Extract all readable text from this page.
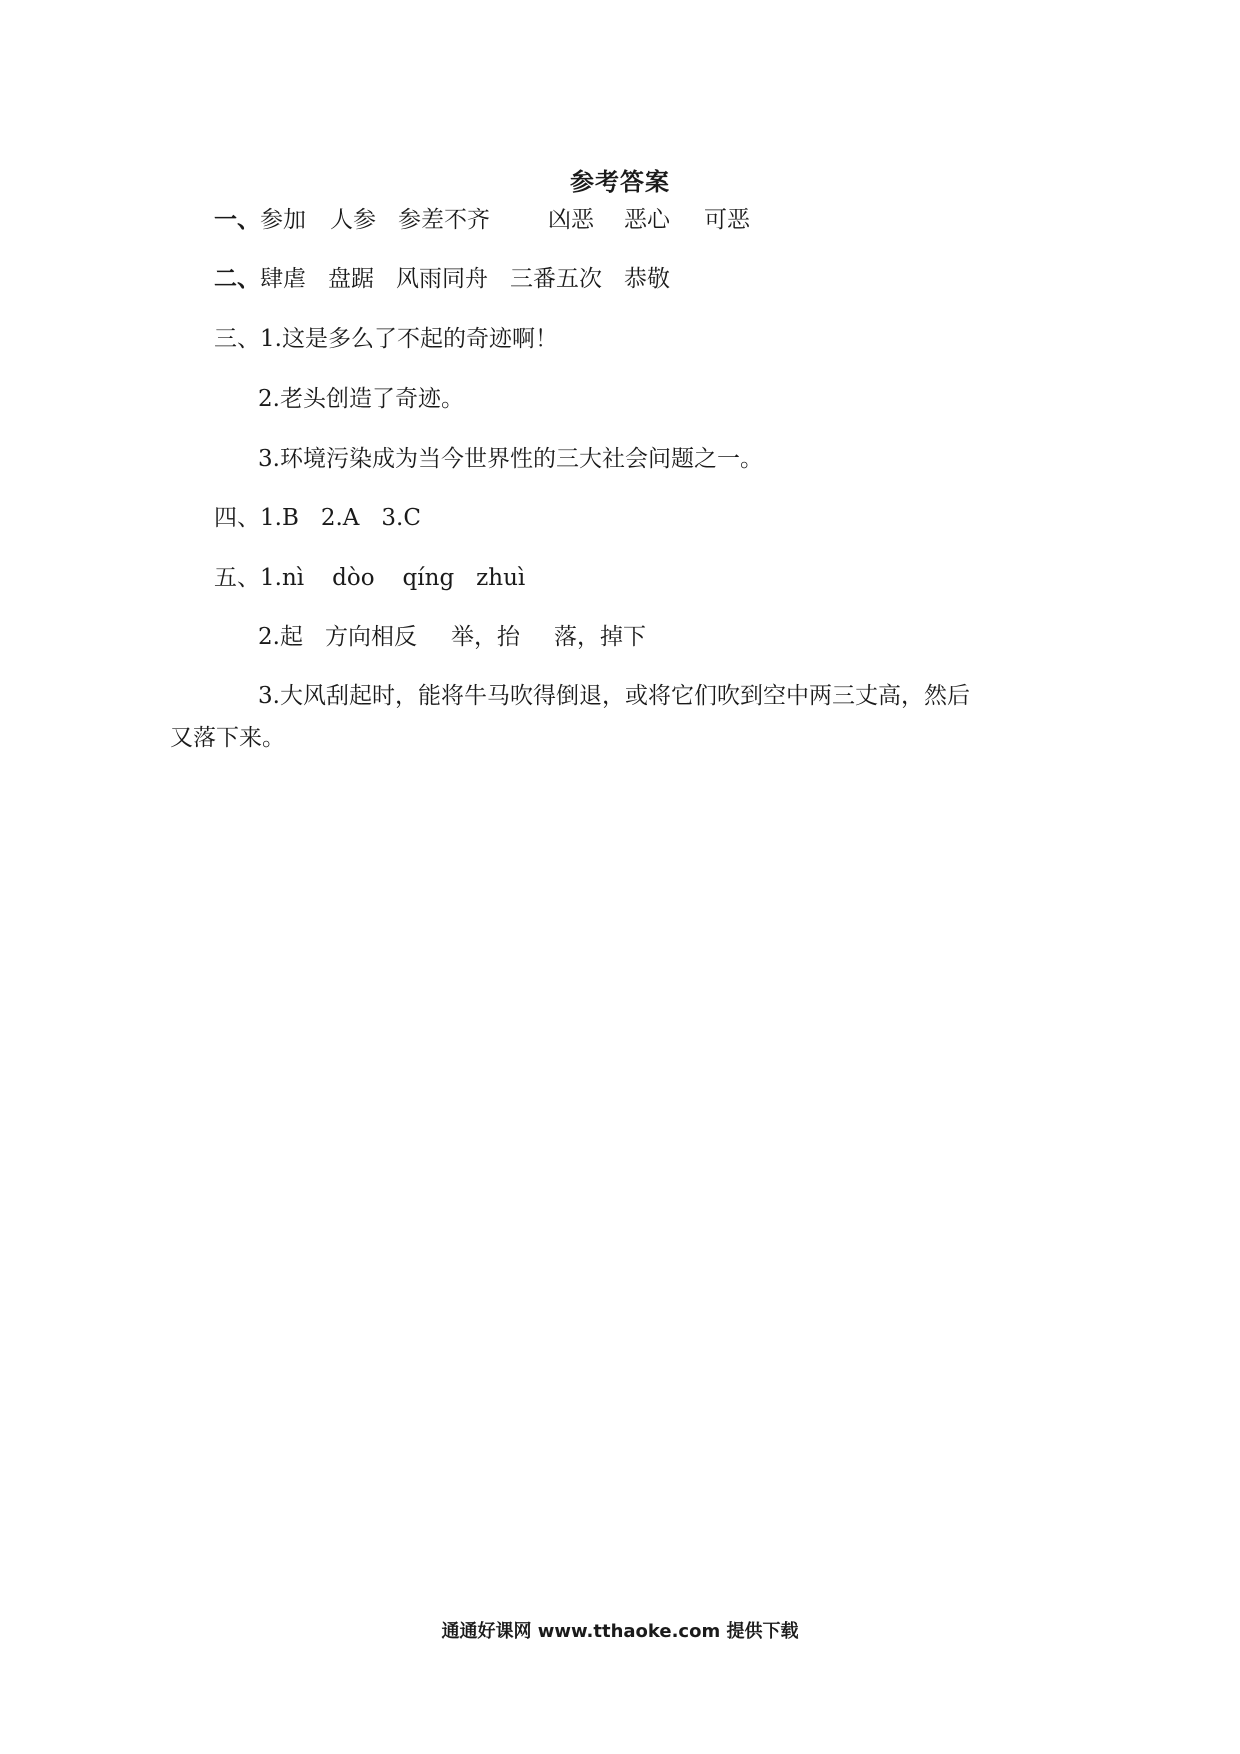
参考答案
一、参加 人参 参差不齐	凶恶 恶心 可恶
二、肆虐 盘踞 风雨同舟 三番五次 恭敬
三、1.这是多么了不起的奇迹啊！
2.老头创造了奇迹。
3.环境污染成为当今世界性的三大社会问题之一。
四、1.B 2.A 3.C
五、1.nì dòo qíng zhuì
2.起 方向相反 举，抬 落，掉下
3.大风刮起时，能将牛马吹得倒退，或将它们吹到空中两三丈高，然后
又落下来。
通通好课网 www.tthaoke.com 提供下载
